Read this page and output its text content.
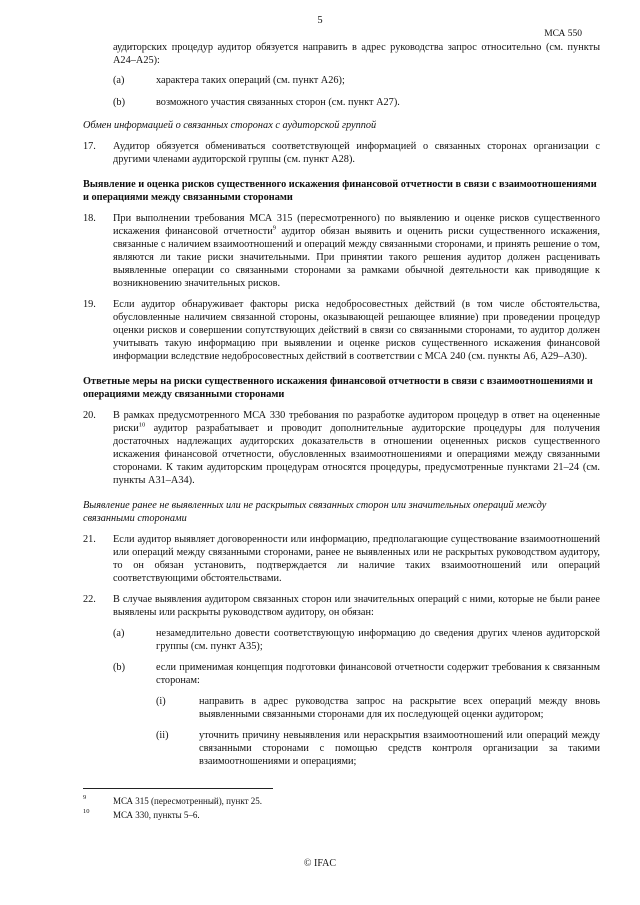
5
МСА 550

аудиторских процедур аудитор обязуется направить в адрес руководства запрос относительно (см. пункты А24–А25):

(a)	характера таких операций (см. пункт А26);
(b)	возможного участия связанных сторон (см. пункт А27).
Обмен информацией о связанных сторонах с аудиторской группой
17. Аудитор обязуется обмениваться соответствующей информацией о связанных сторонах организации с другими членами аудиторской группы (см. пункт А28).

Выявление и оценка рисков существенного искажения финансовой отчетности в связи с взаимоотношениями и операциями между связанными сторонами
18. При выполнении требования МСА 315 (пересмотренного) по выявлению и оценке рисков существенного искажения финансовой отчетности$^9$ аудитор обязан выявить и оценить риски существенного искажения, связанные с наличием взаимоотношений и операций между связанными сторонами, и принять решение о том, являются ли такие риски значительными. При принятии такого решения аудитор должен расценивать выявленные операции со связанными сторонами за рамками обычной деятельности как приводящие к возникновению значительных рисков.

19. Если аудитор обнаруживает факторы риска недобросовестных действий (в том числе обстоятельства, обусловленные наличием связанной стороны, оказывающей решающее влияние) при проведении процедур оценки рисков и совершении сопутствующих действий в связи со связанными сторонами, то аудитор должен учитывать такую информацию при выявлении и оценке рисков существенного искажения финансовой информации вследствие недобросовестных действий в соответствии с МСА 240 (см. пункты А6, А29–А30).

Ответные меры на риски существенного искажения финансовой отчетности в связи с взаимоотношениями и операциями между связанными сторонами
20. В рамках предусмотренного МСА 330 требования по разработке аудитором процедур в ответ на оцененные риски$^{10}$ аудитор разрабатывает и проводит дополнительные аудиторские процедуры для получения достаточных надлежащих аудиторских доказательств в отношении оцененных рисков существенного искажения финансовой отчетности, обусловленных взаимоотношениями и операциями между связанными сторонами. К таким аудиторским процедурам относятся процедуры, предусмотренные пунктами 21–24 (см. пункты А31–А34).

Выявление ранее не выявленных или не раскрытых связанных сторон или значительных операций между связанными сторонами
21. Если аудитор выявляет договоренности или информацию, предполагающие существование взаимоотношений или операций между связанными сторонами, ранее не выявленных или не раскрытых руководством аудитору, то он обязан установить, подтверждается ли наличие таких взаимоотношений или операций соответствующими обстоятельствами.

22. В случае выявления аудитором связанных сторон или значительных операций с ними, которые не были ранее выявлены или раскрыты руководством аудитору, он обязан:

(a)	незамедлительно довести соответствующую информацию до сведения других членов аудиторской группы (см. пункт А35);
(b)	если применимая концепция подготовки финансовой отчетности содержит требования к связанным сторонам:
(i)	направить в адрес руководства запрос на раскрытие всех операций между вновь выявленными связанными сторонами для их последующей оценки аудитором;
(ii)	уточнить причину невыявления или нераскрытия взаимоотношений или операций между связанными сторонами с помощью средств контроля организации за такими взаимоотношениями и операциями;
9	МСА 315 (пересмотренный), пункт 25.
10	МСА 330, пункты 5–6.
© IFAC
